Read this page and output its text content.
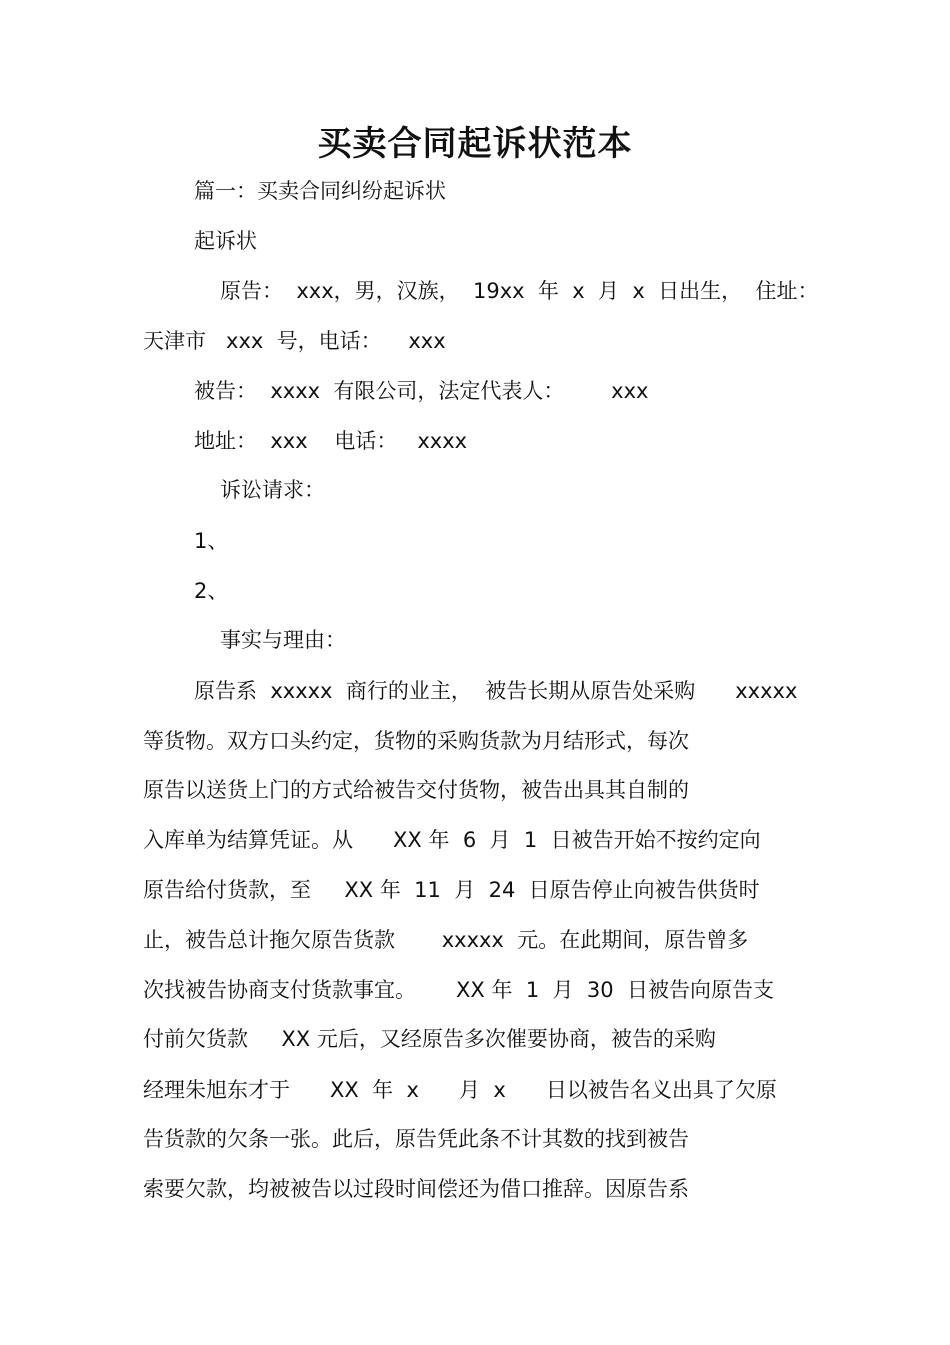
买卖合同起诉状范本

篇一：买卖合同纠纷起诉状

起诉状

原告：  xxx，男，汉族，  19xx  年  x  月  x  日出生，  住址：

天津市   xxx  号，电话：    xxx

被告：  xxxx  有限公司，法定代表人：       xxx

地址：  xxx    电话：   xxxx

诉讼请求：

1、

2、

事实与理由：

原告系  xxxxx  商行的业主，  被告长期从原告处采购      xxxxx

等货物。双方口头约定，货物的采购货款为月结形式，每次

原告以送货上门的方式给被告交付货物，被告出具其自制的

入库单为结算凭证。从      XX 年  6  月  1  日被告开始不按约定向

原告给付货款，至     XX 年  11  月  24  日原告停止向被告供货时

止，被告总计拖欠原告货款       xxxxx  元。在此期间，原告曾多

次找被告协商支付货款事宜。      XX 年  1  月  30  日被告向原告支

付前欠货款     XX 元后，又经原告多次催要协商，被告的采购

经理朱旭东才于      XX  年  x      月  x      日以被告名义出具了欠原

告货款的欠条一张。此后，原告凭此条不计其数的找到被告

索要欠款，均被被告以过段时间偿还为借口推辞。因原告系
